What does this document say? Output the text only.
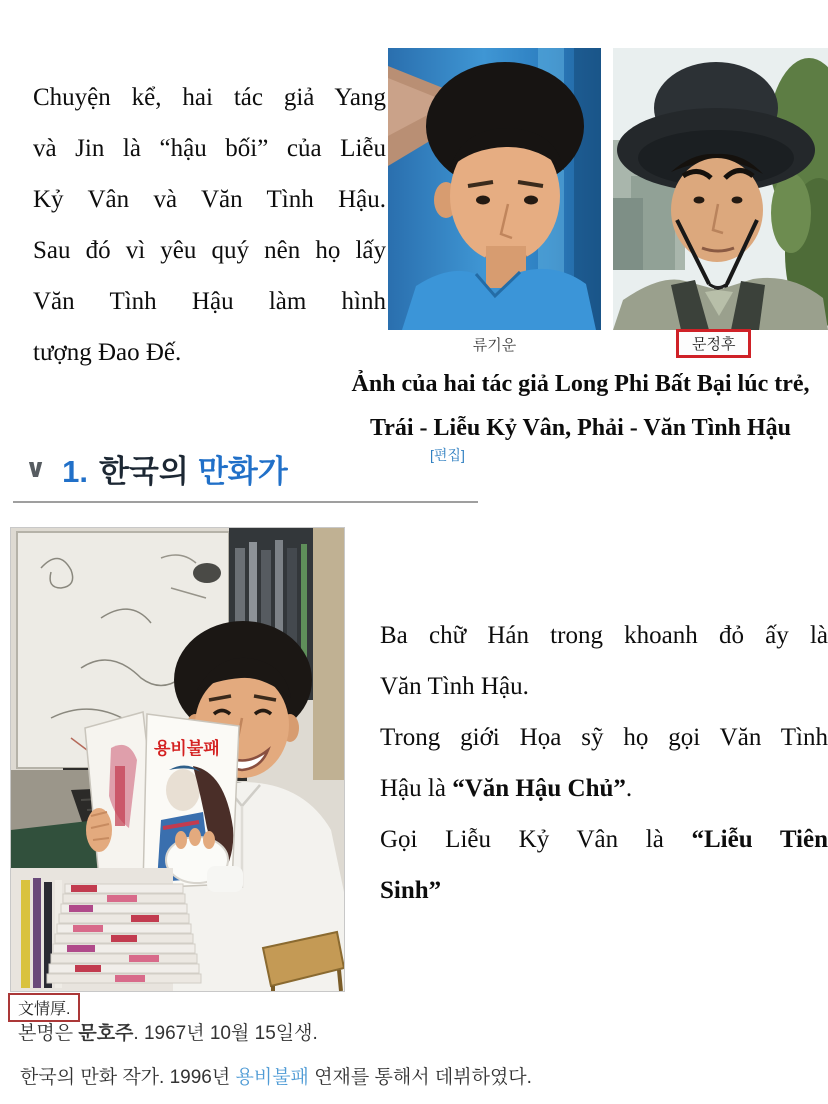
Chuyện kể, hai tác giả Yang
và Jin là “hậu bối” của Liễu
Kỷ Vân và Văn Tình Hậu.
Sau đó vì yêu quý nên họ lấy
Văn Tình Hậu làm hình
tượng Đao Đế.	류기운	문정후
Ảnh của hai tác giả Long Phi Bất Bại lúc trẻ,
Trái - Liễu Kỷ Vân, Phải - Văn Tình Hậu
[편집]
∨ 1. 한국의 만화가
용비불패
Ba chữ Hán trong khoanh đỏ ấy là
Văn Tình Hậu.
Trong giới Họa sỹ họ gọi Văn Tình
Hậu là “Văn Hậu Chủ”.
Gọi Liễu Kỷ Vân là “Liễu Tiên
Sinh”
文情厚.
본명은 문호주. 1967년 10월 15일생.
한국의 만화 작가. 1996년 용비불패 연재를 통해서 데뷔하였다.
